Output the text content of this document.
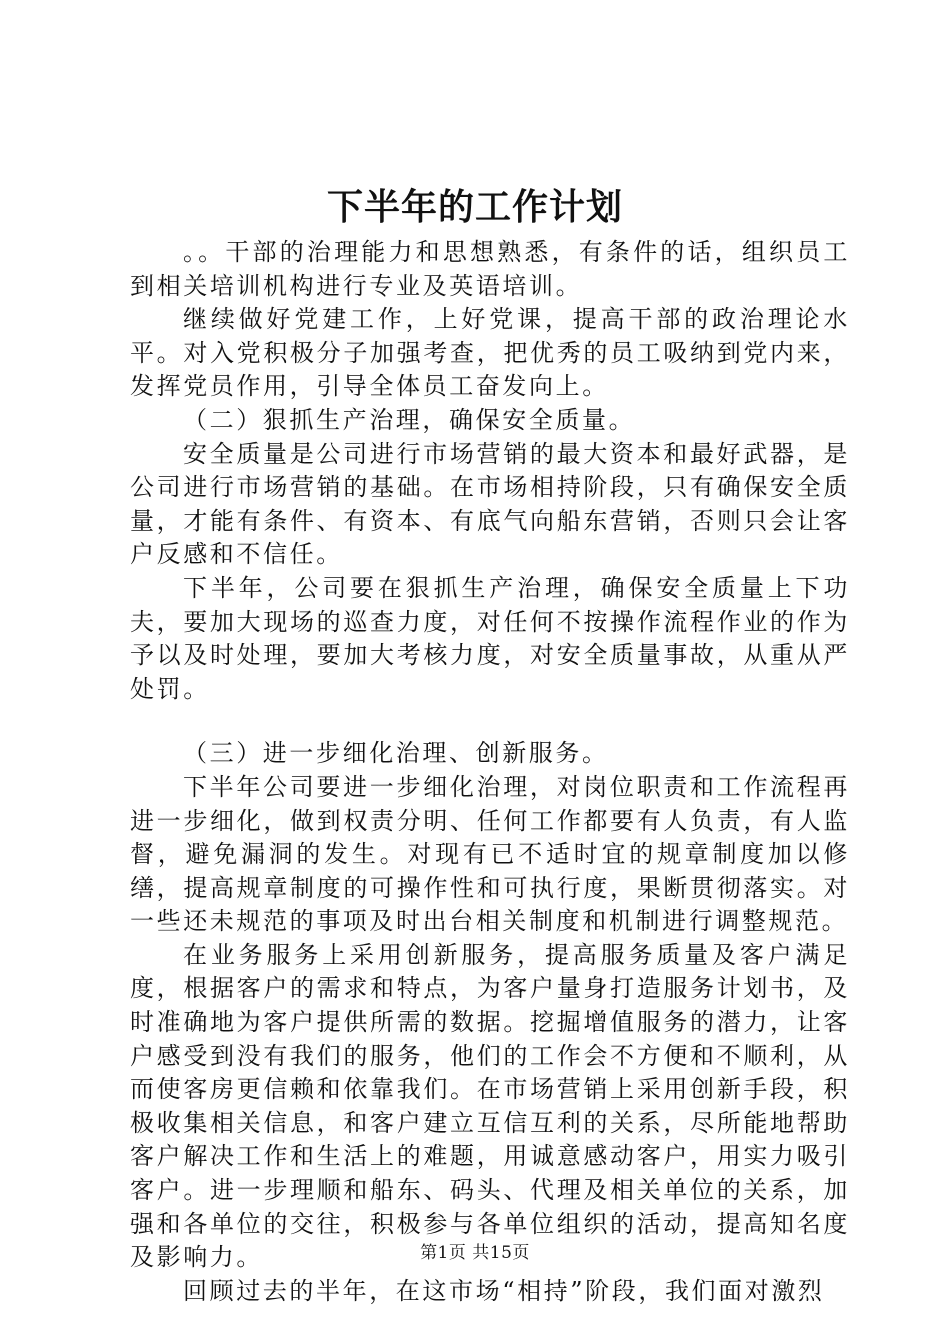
下半年的工作计划

。。干部的治理能力和思想熟悉，有条件的话，组织员工到相关培训机构进行专业及英语培训。

继续做好党建工作，上好党课，提高干部的政治理论水平。对入党积极分子加强考查，把优秀的员工吸纳到党内来，发挥党员作用，引导全体员工奋发向上。

（二）狠抓生产治理，确保安全质量。

安全质量是公司进行市场营销的最大资本和最好武器，是公司进行市场营销的基础。在市场相持阶段，只有确保安全质量，才能有条件、有资本、有底气向船东营销，否则只会让客户反感和不信任。

下半年，公司要在狠抓生产治理，确保安全质量上下功夫，要加大现场的巡查力度，对任何不按操作流程作业的作为予以及时处理，要加大考核力度，对安全质量事故，从重从严处罚。

（三）进一步细化治理、创新服务。

下半年公司要进一步细化治理，对岗位职责和工作流程再进一步细化，做到权责分明、任何工作都要有人负责，有人监督，避免漏洞的发生。对现有已不适时宜的规章制度加以修缮，提高规章制度的可操作性和可执行度，果断贯彻落实。对一些还未规范的事项及时出台相关制度和机制进行调整规范。

在业务服务上采用创新服务，提高服务质量及客户满足度，根据客户的需求和特点，为客户量身打造服务计划书，及时准确地为客户提供所需的数据。挖掘增值服务的潜力，让客户感受到没有我们的服务，他们的工作会不方便和不顺利，从而使客房更信赖和依靠我们。在市场营销上采用创新手段，积极收集相关信息，和客户建立互信互利的关系，尽所能地帮助客户解决工作和生活上的难题，用诚意感动客户，用实力吸引客户。进一步理顺和船东、码头、代理及相关单位的关系，加强和各单位的交往，积极参与各单位组织的活动，提高知名度及影响力。

回顾过去的半年，在这市场“相持”阶段，我们面对激烈

第1页 共15页
